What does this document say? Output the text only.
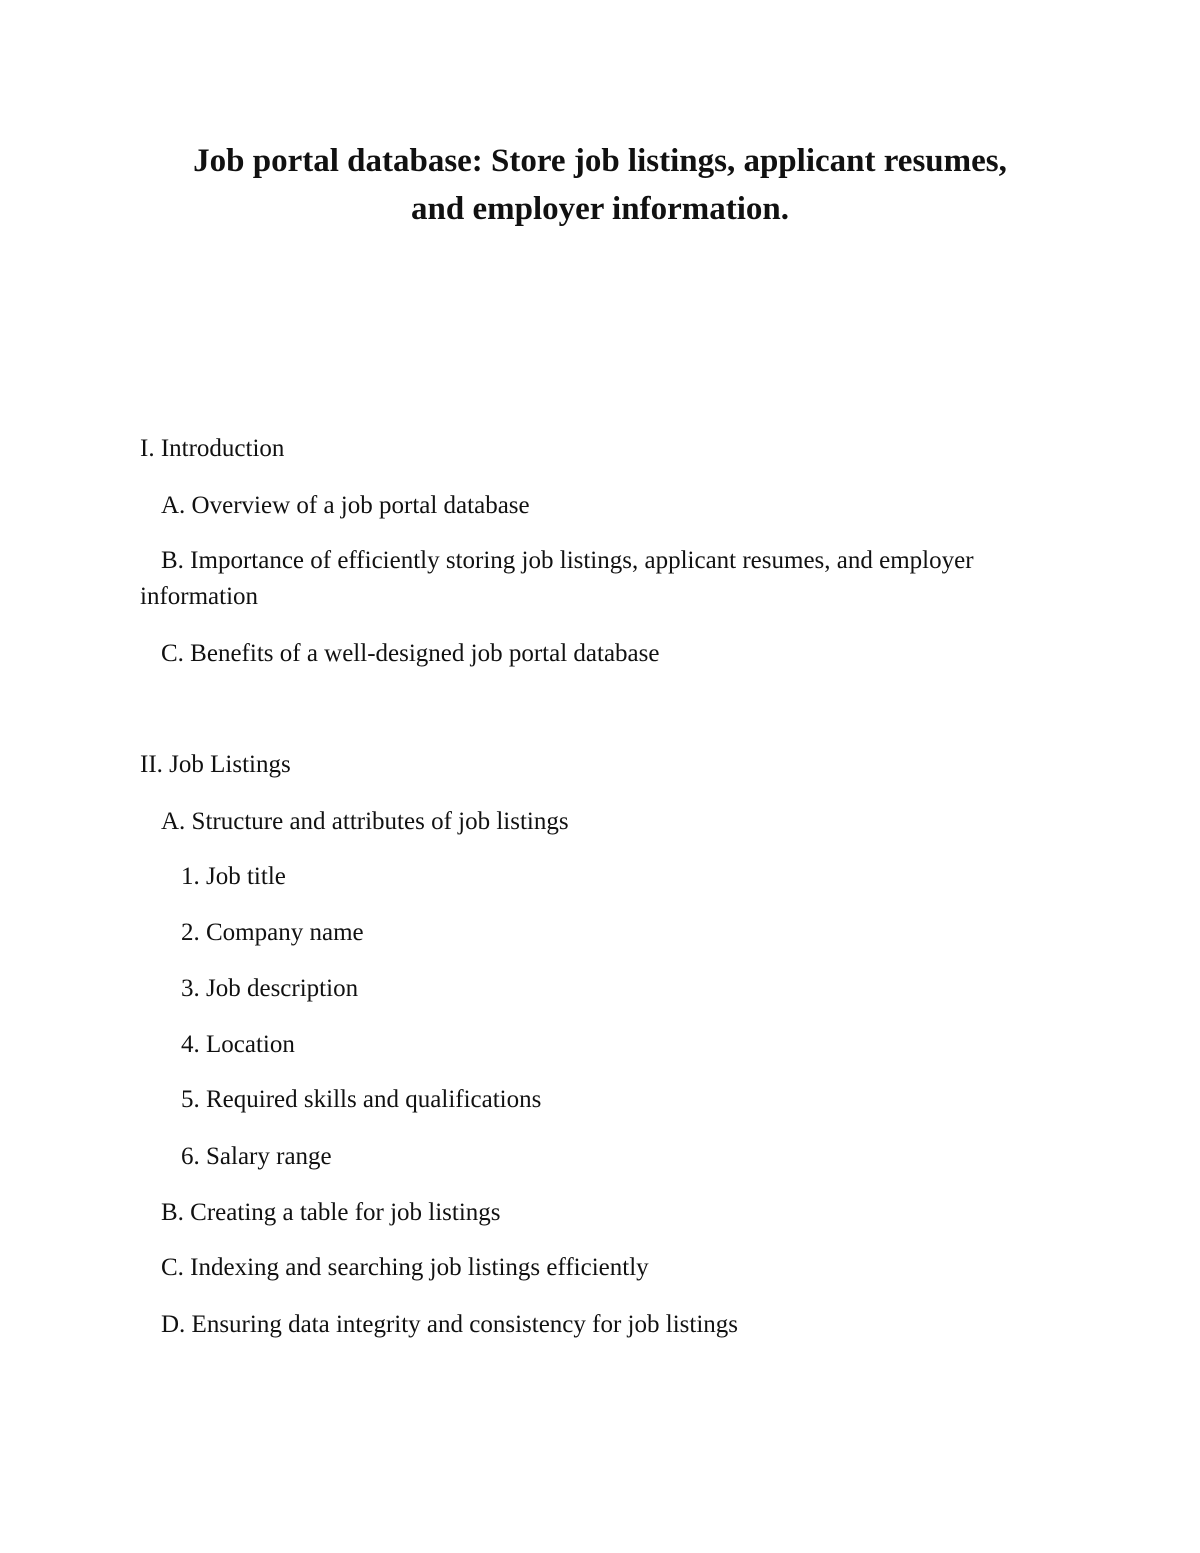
Job portal database: Store job listings, applicant resumes,
and employer information.

I. Introduction

A. Overview of a job portal database

B. Importance of efficiently storing job listings, applicant resumes, and employer information

C. Benefits of a well-designed job portal database

II. Job Listings

A. Structure and attributes of job listings

1. Job title

2. Company name

3. Job description

4. Location

5. Required skills and qualifications

6. Salary range

B. Creating a table for job listings

C. Indexing and searching job listings efficiently

D. Ensuring data integrity and consistency for job listings
